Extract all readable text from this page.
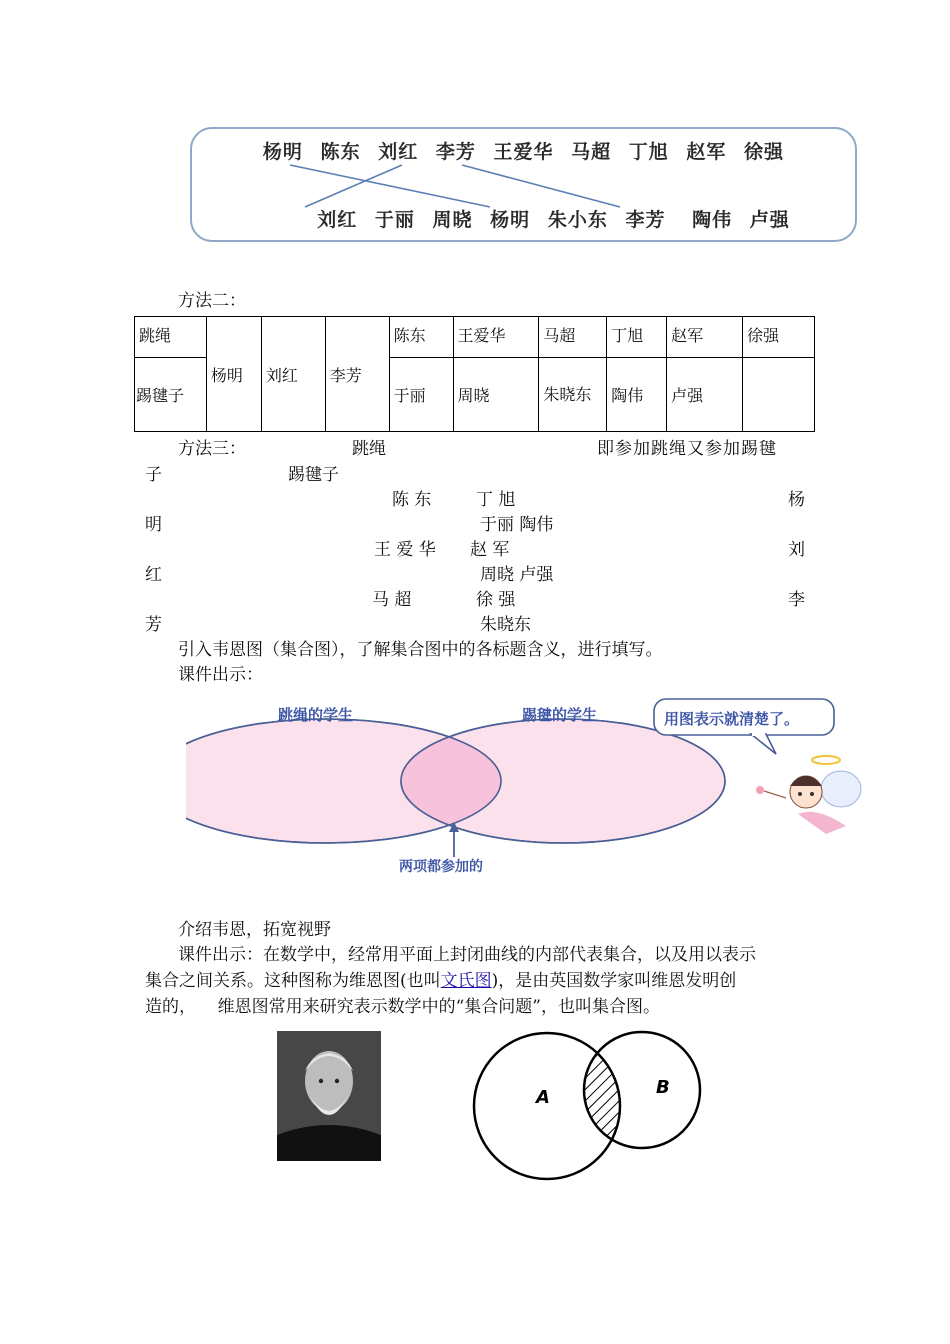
杨明 陈东 刘红 李芳 王爱华 马超 丁旭 赵军 徐强
刘红 于丽 周晓 杨明 朱小东 李芳 陶伟 卢强
方法二：
跳绳	杨明	刘红	李芳	陈东	王爱华	马超	丁旭	赵军	徐强
踢毽子				于丽	周晓	朱晓东	陶伟	卢强	
方法三：	跳绳	即参加跳绳又参加踢毽
子	踢毽子
陈 东	丁 旭	杨
明	于丽 陶伟
王 爱 华 赵 军	刘
红	周晓 卢强
马 超	徐 强	李
芳	朱晓东
引入韦恩图（集合图），了解集合图中的各标题含义，进行填写。
课件出示：
跳绳的学生	踢毽的学生
两项都参加的
用图表示就清楚了。
介绍韦恩，拓宽视野
课件出示：在数学中，经常用平面上封闭曲线的内部代表集合，以及用以表示
集合之间关系。这种图称为维恩图(也叫文氏图)，是由英国数学家叫维恩发明创
造的，    维恩图常用来研究表示数学中的“集合问题”，也叫集合图。
A	B
